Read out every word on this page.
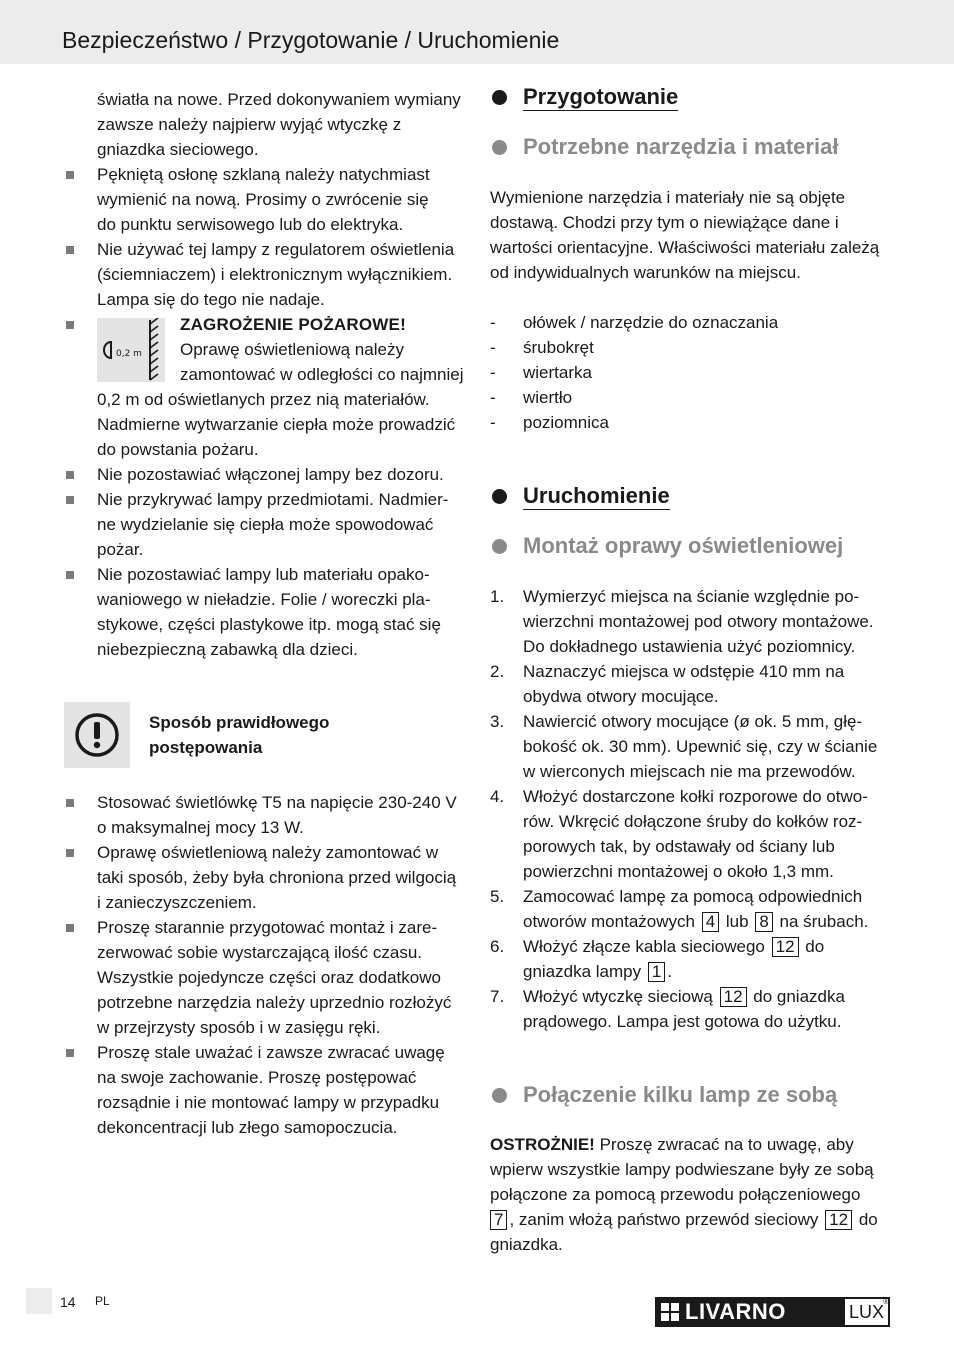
Bezpieczeństwo / Przygotowanie / Uruchomienie
światła na nowe. Przed dokonywaniem wymiany
zawsze należy najpierw wyjąć wtyczkę z
gniazdka sieciowego.
Pękniętą osłonę szklaną należy natychmiast
wymienić na nową. Prosimy o zwrócenie się
do punktu serwisowego lub do elektryka.
Nie używać tej lampy z regulatorem oświetlenia
(ściemniaczem) i elektronicznym wyłącznikiem.
Lampa się do tego nie nadaje.
0,2 m
ZAGROŻENIE POŻAROWE!
Oprawę oświetleniową należy
zamontować w odległości co najmniej
0,2 m od oświetlanych przez nią materiałów.
Nadmierne wytwarzanie ciepła może prowadzić
do powstania pożaru.
Nie pozostawiać włączonej lampy bez dozoru.
Nie przykrywać lampy przedmiotami. Nadmier-
ne wydzielanie się ciepła może spowodować
pożar.
Nie pozostawiać lampy lub materiału opako-
waniowego w nieładzie. Folie / woreczki pla-
stykowe, części plastykowe itp. mogą stać się
niebezpieczną zabawką dla dzieci.
Sposób prawidłowego
postępowania
Stosować świetlówkę T5 na napięcie 230-240 V
o maksymalnej mocy 13 W.
Oprawę oświetleniową należy zamontować w
taki sposób, żeby była chroniona przed wilgocią
i zanieczyszczeniem.
Proszę starannie przygotować montaż i zare-
zerwować sobie wystarczającą ilość czasu.
Wszystkie pojedyncze części oraz dodatkowo
potrzebne narzędzia należy uprzednio rozłożyć
w przejrzysty sposób i w zasięgu ręki.
Proszę stale uważać i zawsze zwracać uwagę
na swoje zachowanie. Proszę postępować
rozsądnie i nie montować lampy w przypadku
dekoncentracji lub złego samopoczucia.
Przygotowanie
Potrzebne narzędzia i materiał
Wymienione narzędzia i materiały nie są objęte
dostawą. Chodzi przy tym o niewiążące dane i
wartości orientacyjne. Właściwości materiału zależą
od indywidualnych warunków na miejscu.
- ołówek / narzędzie do oznaczania
- śrubokręt
- wiertarka
- wiertło
- poziomnica
Uruchomienie
Montaż oprawy oświetleniowej
1. Wymierzyć miejsca na ścianie względnie po-
wierzchni montażowej pod otwory montażowe.
Do dokładnego ustawienia użyć poziomnicy.
2. Naznaczyć miejsca w odstępie 410 mm na
obydwa otwory mocujące.
3. Nawiercić otwory mocujące (ø ok. 5 mm, głę-
bokość ok. 30 mm). Upewnić się, czy w ścianie
w wierconych miejscach nie ma przewodów.
4. Włożyć dostarczone kołki rozporowe do otwo-
rów. Wkręcić dołączone śruby do kołków roz-
porowych tak, by odstawały od ściany lub
powierzchni montażowej o około 1,3 mm.
5. Zamocować lampę za pomocą odpowiednich
otworów montażowych 4 lub 8 na śrubach.
6. Włożyć złącze kabla sieciowego 12 do
gniazdka lampy 1 .
7. Włożyć wtyczkę sieciową 12 do gniazdka
prądowego. Lampa jest gotowa do użytku.
Połączenie kilku lamp ze sobą
OSTROŻNIE! Proszę zwracać na to uwagę, aby
wpierw wszystkie lampy podwieszane były ze sobą
połączone za pomocą przewodu połączeniowego
7 , zanim włożą państwo przewód sieciowy 12 do
gniazdka.
14 PL	LIVARNO	LUX®
